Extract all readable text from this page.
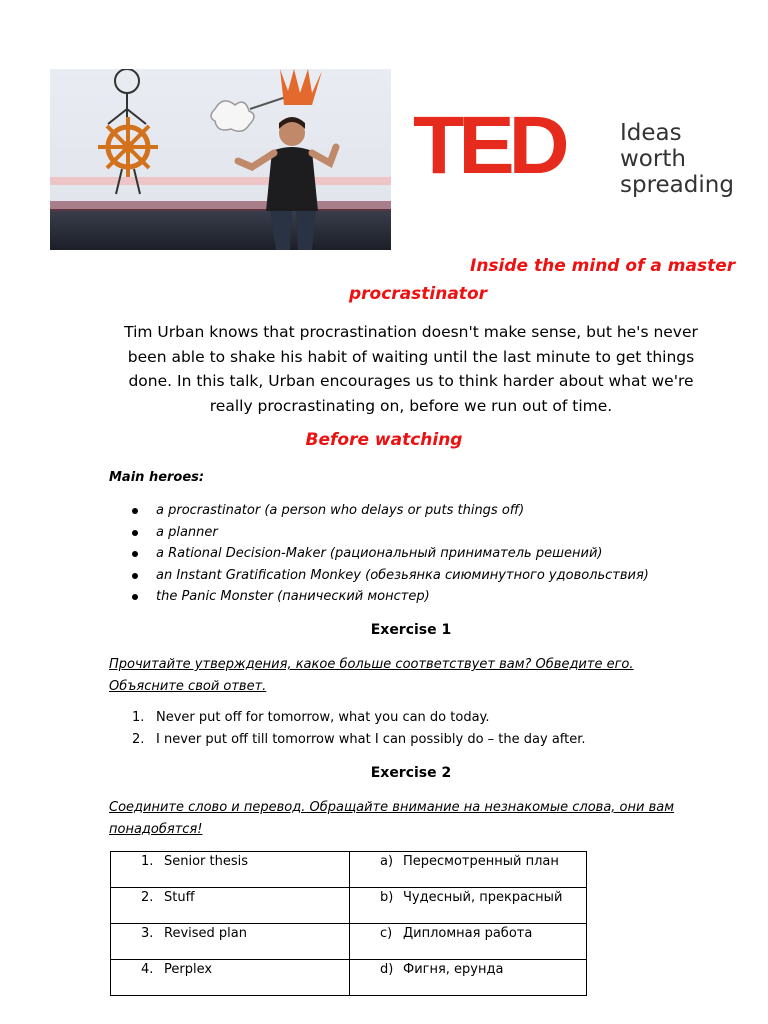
TED Ideas worth
spreading
Inside the mind of a master
procrastinator
Tim Urban knows that procrastination doesn't make sense, but he's never been able to shake his habit of waiting until the last minute to get things done. In this talk, Urban encourages us to think harder about what we're really procrastinating on, before we run out of time.
Before watching
Main heroes:
a procrastinator (a person who delays or puts things off)
a planner
a Rational Decision-Maker (рациональный приниматель решений)
an Instant Gratification Monkey (обезьянка сиюминутного удовольствия)
the Panic Monster (панический монстер)
Exercise 1
Прочитайте утверждения, какое больше соответствует вам? Обведите его.
Объясните свой ответ.
1. Never put off for tomorrow, what you can do today.
2. I never put off till tomorrow what I can possibly do – the day after.
Exercise 2
Соедините слово и перевод. Обращайте внимание на незнакомые слова, они вам
понадобятся!
1. Senior thesis	a) Пересмотренный план

2. Stuff	b) Чудесный, прекрасный

3. Revised plan	c) Дипломная работа

4. Perplex	d) Фигня, ерунда
